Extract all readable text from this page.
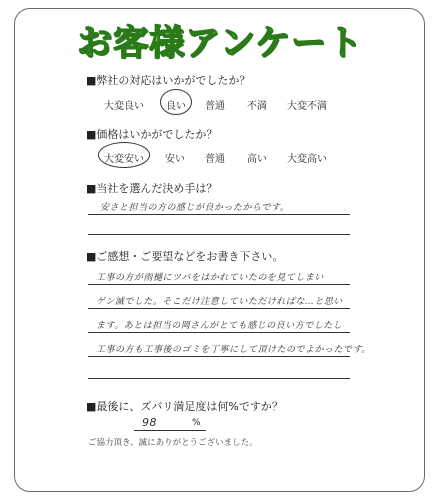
お客様アンケート
■弊社の対応はいかがでしたか？
大変良い 良い 普通 不満 大変不満
■価格はいかがでしたか？
大変安い 安い 普通 高い 大変高い
■当社を選んだ決め手は？
安さと担当の方の感じが良かったからです。
■ご感想・ご要望などをお書き下さい。
工事の方が雨樋にツバをはかれていたのを見てしまい
ゲン滅でした。そこだけ注意していただければな…と思い
ます。あとは担当の岡さんがとても感じの良い方でしたし
工事の方も工事後のゴミを丁寧にして頂けたのでよかったです。
■最後に、ズバリ満足度は何%ですか？
98	%
ご協力頂き、誠にありがとうございました。
